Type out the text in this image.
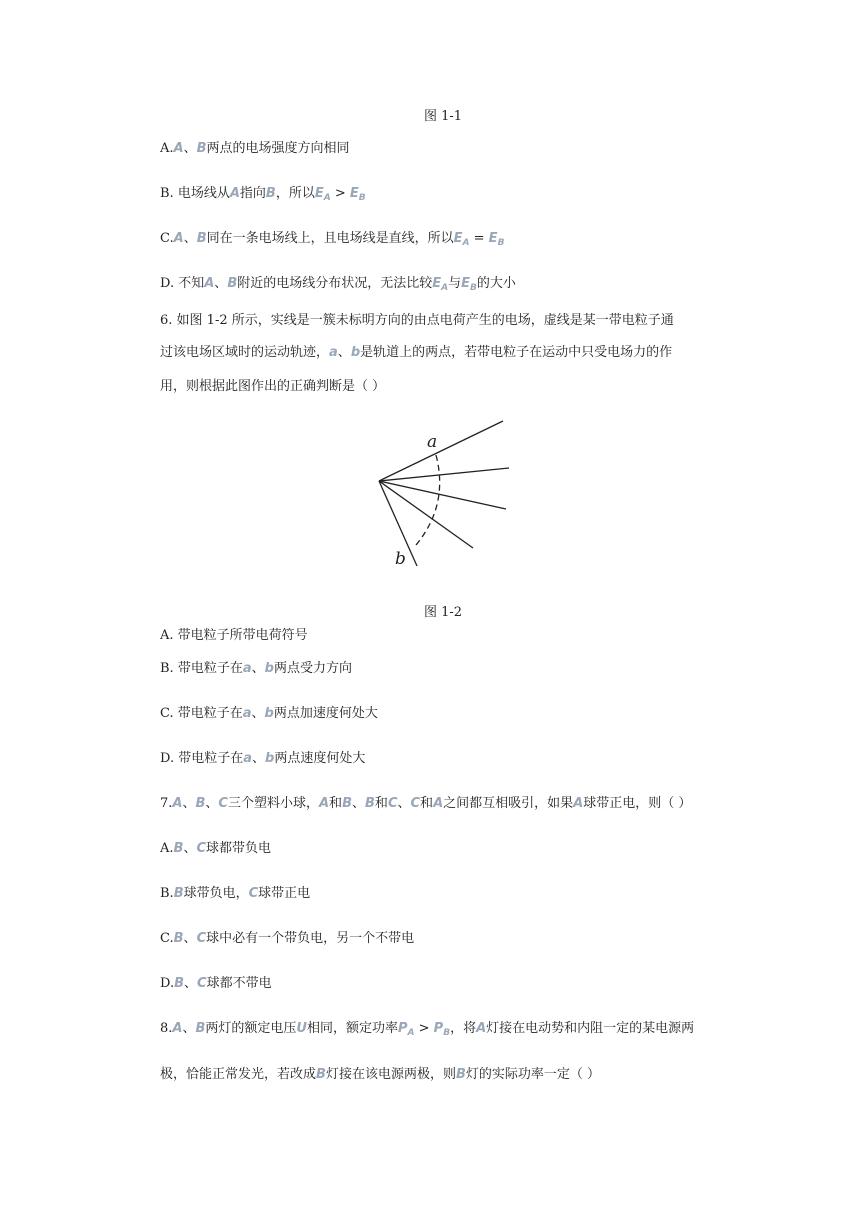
图 1-1
A.A、B两点的电场强度方向相同
B. 电场线从A指向B，所以$E_A > E_B$
C.A、B同在一条电场线上，且电场线是直线，所以$E_A = E_B$
D. 不知A、B附近的电场线分布状况，无法比较$E_A$与$E_B$的大小
6. 如图 1-2 所示，实线是一簇未标明方向的由点电荷产生的电场，虚线是某一带电粒子通
过该电场区域时的运动轨迹，a、b是轨道上的两点，若带电粒子在运动中只受电场力的作
用，则根据此图作出的正确判断是（ ）
a
b
图 1-2
A. 带电粒子所带电荷符号
B. 带电粒子在a、b两点受力方向
C. 带电粒子在a、b两点加速度何处大
D. 带电粒子在a、b两点速度何处大
7.A、B、C三个塑料小球，A和B、B和C、C和A之间都互相吸引，如果A球带正电，则（ ）
A.B、C球都带负电
B.B球带负电，C球带正电
C.B、C球中必有一个带负电，另一个不带电
D.B、C球都不带电
8.A、B两灯的额定电压U相同，额定功率$P_A > P_B$，将A灯接在电动势和内阻一定的某电源两
极，恰能正常发光，若改成B灯接在该电源两极，则B灯的实际功率一定（ ）
